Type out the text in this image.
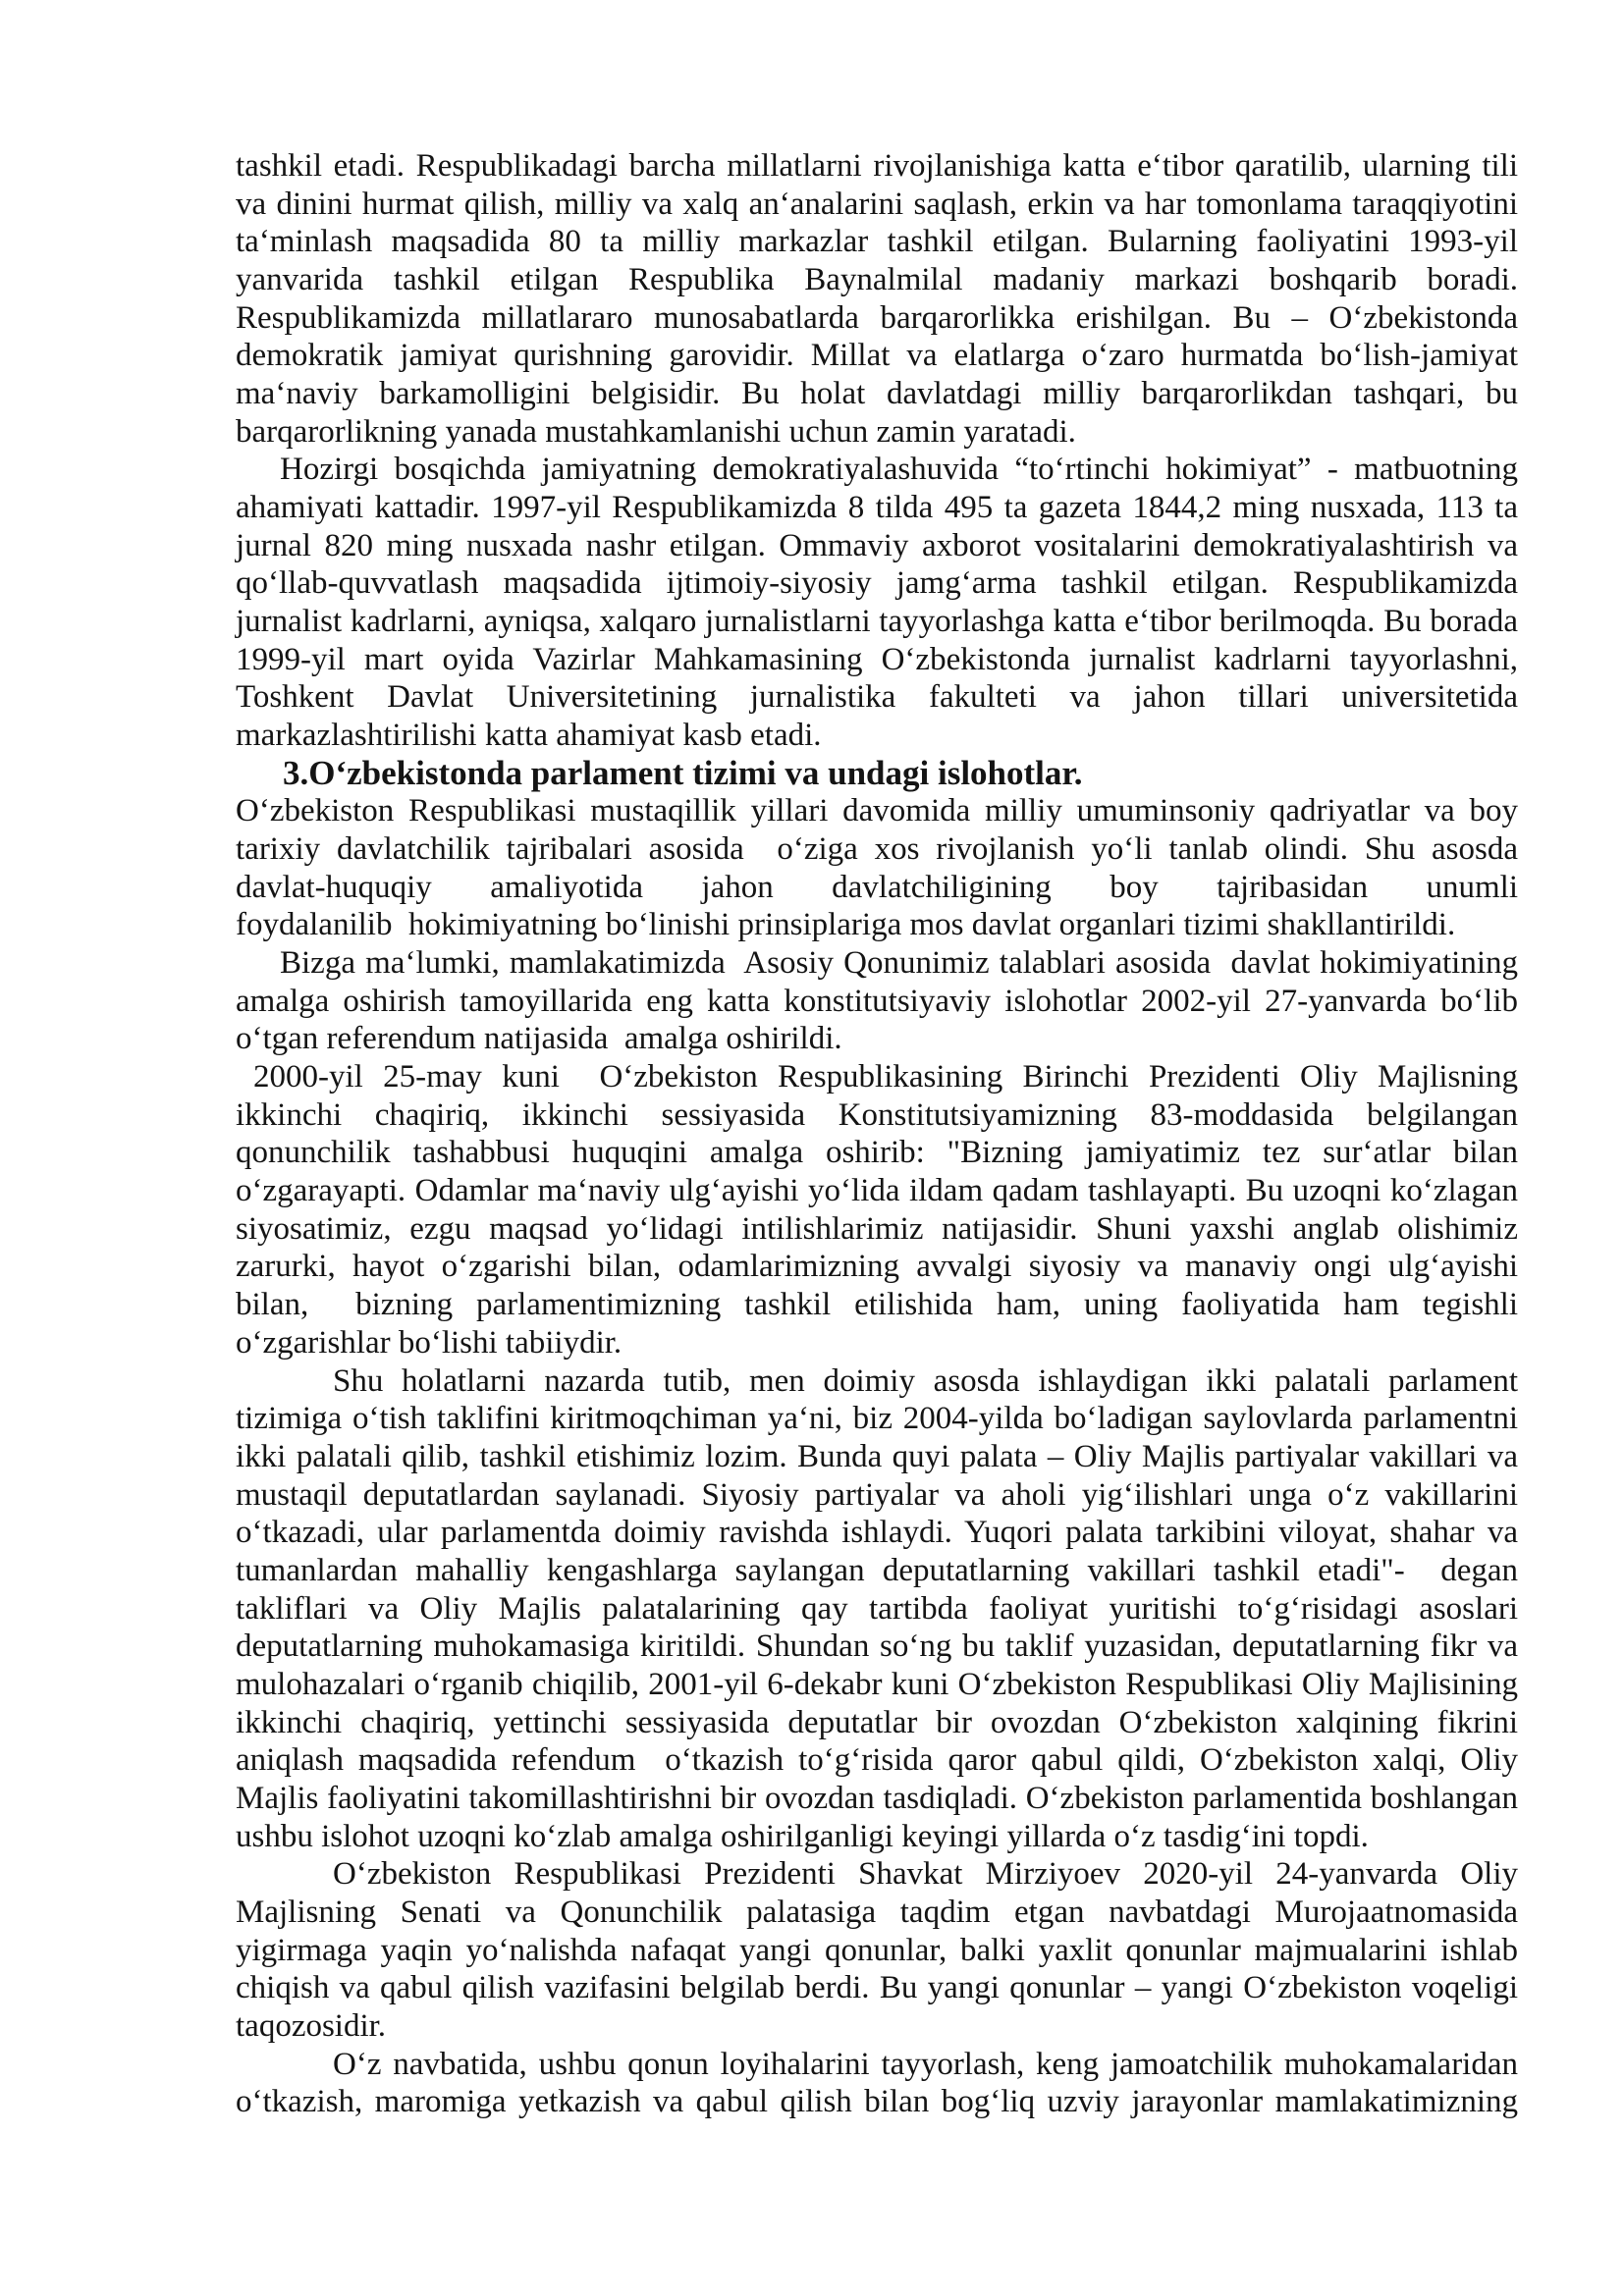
tashkil etadi. Respublikadagi barcha millatlarni rivojlanishiga katta e‘tibor qaratilib, ularning tili
va dinini hurmat qilish, milliy va xalq an‘analarini saqlash, erkin va har tomonlama taraqqiyotini
ta‘minlash maqsadida 80 ta milliy markazlar tashkil etilgan. Bularning faoliyatini 1993-yil
yanvarida tashkil etilgan Respublika Baynalmilal madaniy markazi boshqarib boradi.
Respublikamizda millatlararo munosabatlarda barqarorlikka erishilgan. Bu – O‘zbekistonda
demokratik jamiyat qurishning garovidir. Millat va elatlarga o‘zaro hurmatda bo‘lish-jamiyat
ma‘naviy barkamolligini belgisidir. Bu holat davlatdagi milliy barqarorlikdan tashqari, bu
barqarorlikning yanada mustahkamlanishi uchun zamin yaratadi.
Hozirgi bosqichda jamiyatning demokratiyalashuvida “to‘rtinchi hokimiyat” - matbuotning
ahamiyati kattadir. 1997-yil Respublikamizda 8 tilda 495 ta gazeta 1844,2 ming nusxada, 113 ta
jurnal 820 ming nusxada nashr etilgan. Ommaviy axborot vositalarini demokratiyalashtirish va
qo‘llab-quvvatlash maqsadida ijtimoiy-siyosiy jamg‘arma tashkil etilgan. Respublikamizda
jurnalist kadrlarni, ayniqsa, xalqaro jurnalistlarni tayyorlashga katta e‘tibor berilmoqda. Bu borada
1999-yil mart oyida Vazirlar Mahkamasining O‘zbekistonda jurnalist kadrlarni tayyorlashni,
Toshkent Davlat Universitetining jurnalistika fakulteti va jahon tillari universitetida
markazlashtirilishi katta ahamiyat kasb etadi.
3.O‘zbekistonda parlament tizimi va undagi islohotlar.
O‘zbekiston Respublikasi mustaqillik yillari davomida milliy umuminsoniy qadriyatlar va boy
tarixiy davlatchilik tajribalari asosida  o‘ziga xos rivojlanish yo‘li tanlab olindi. Shu asosda
davlat-huquqiy amaliyotida jahon davlatchiligining boy tajribasidan unumli
foydalanilib  hokimiyatning bo‘linishi prinsiplariga mos davlat organlari tizimi shakllantirildi.
Bizga ma‘lumki, mamlakatimizda  Asosiy Qonunimiz talablari asosida  davlat hokimiyatining
amalga oshirish tamoyillarida eng katta konstitutsiyaviy islohotlar 2002-yil 27-yanvarda bo‘lib
o‘tgan referendum natijasida  amalga oshirildi.
2000-yil 25-may kuni  O‘zbekiston Respublikasining Birinchi Prezidenti Oliy Majlisning
ikkinchi chaqiriq, ikkinchi sessiyasida Konstitutsiyamizning 83-moddasida belgilangan
qonunchilik tashabbusi huquqini amalga oshirib: "Bizning jamiyatimiz tez sur‘atlar bilan
o‘zgarayapti. Odamlar ma‘naviy ulg‘ayishi yo‘lida ildam qadam tashlayapti. Bu uzoqni ko‘zlagan
siyosatimiz, ezgu maqsad yo‘lidagi intilishlarimiz natijasidir. Shuni yaxshi anglab olishimiz
zarurki, hayot o‘zgarishi bilan, odamlarimizning avvalgi siyosiy va manaviy ongi ulg‘ayishi
bilan,  bizning parlamentimizning tashkil etilishida ham, uning faoliyatida ham tegishli
o‘zgarishlar bo‘lishi tabiiydir.
Shu holatlarni nazarda tutib, men doimiy asosda ishlaydigan ikki palatali parlament
tizimiga o‘tish taklifini kiritmoqchiman ya‘ni, biz 2004-yilda bo‘ladigan saylovlarda parlamentni
ikki palatali qilib, tashkil etishimiz lozim. Bunda quyi palata – Oliy Majlis partiyalar vakillari va
mustaqil deputatlardan saylanadi. Siyosiy partiyalar va aholi yig‘ilishlari unga o‘z vakillarini
o‘tkazadi, ular parlamentda doimiy ravishda ishlaydi. Yuqori palata tarkibini viloyat, shahar va
tumanlardan mahalliy kengashlarga saylangan deputatlarning vakillari tashkil etadi"-  degan
takliflari va Oliy Majlis palatalarining qay tartibda faoliyat yuritishi to‘g‘risidagi asoslari
deputatlarning muhokamasiga kiritildi. Shundan so‘ng bu taklif yuzasidan, deputatlarning fikr va
mulohazalari o‘rganib chiqilib, 2001-yil 6-dekabr kuni O‘zbekiston Respublikasi Oliy Majlisining
ikkinchi chaqiriq, yettinchi sessiyasida deputatlar bir ovozdan O‘zbekiston xalqining fikrini
aniqlash maqsadida refendum  o‘tkazish to‘g‘risida qaror qabul qildi, O‘zbekiston xalqi, Oliy
Majlis faoliyatini takomillashtirishni bir ovozdan tasdiqladi. O‘zbekiston parlamentida boshlangan
ushbu islohot uzoqni ko‘zlab amalga oshirilganligi keyingi yillarda o‘z tasdig‘ini topdi.
O‘zbekiston Respublikasi Prezidenti Shavkat Mirziyoev 2020-yil 24-yanvarda Oliy
Majlisning Senati va Qonunchilik palatasiga taqdim etgan navbatdagi Murojaatnomasida
yigirmaga yaqin yo‘nalishda nafaqat yangi qonunlar, balki yaxlit qonunlar majmualarini ishlab
chiqish va qabul qilish vazifasini belgilab berdi. Bu yangi qonunlar – yangi O‘zbekiston voqeligi
taqozosidir.
O‘z navbatida, ushbu qonun loyihalarini tayyorlash, keng jamoatchilik muhokamalaridan
o‘tkazish, maromiga yetkazish va qabul qilish bilan bog‘liq uzviy jarayonlar mamlakatimizning
